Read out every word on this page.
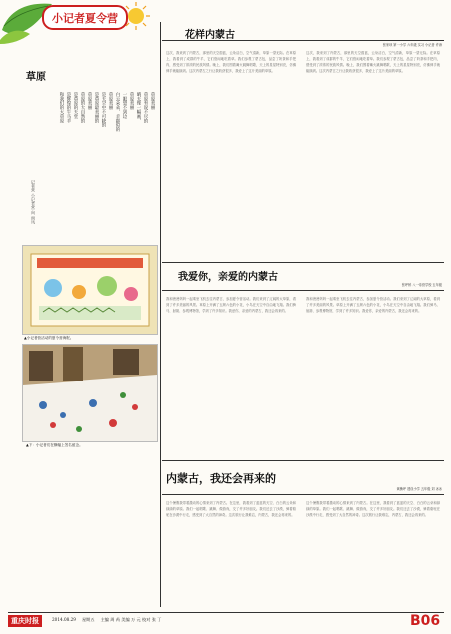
小记者夏令营
草原
草原美丽
草原有说不尽的
晴天像一幅画，
草原美丽
一眼望不到边
白云朵朵，羊群似的
草原美丽
是天空中不可缺的
是草原最美丽的
草原美丽
草原的大自然的
是草原的天堂
是辉煌的牛马羊
和我们的大草原
记者营 小记者营 向 雨凤
▲小记者营活动的夏令营海报。
▲下：小记者们在横幅上签名留念。
花样内蒙古
张家坝 第一小学 六年级 实习 小记者 许涛
这次，我来到了内蒙古，那里的天空蔚蓝，云朵洁白，空气清新，草原一望无际。在草原上，我看到了成群的牛羊，它们悠闲地吃着草。我们参观了蒙古包，品尝了奶茶和手把肉，感受到了浓浓的民族风情。晚上，我们围着篝火跳舞唱歌，天上的星星特别亮，仿佛伸手就能摘到。这次内蒙古之行让我收获很多，我爱上了这片美丽的草原。
这次，我来到了内蒙古，那里的天空蔚蓝，云朵洁白，空气清新，草原一望无际。在草原上，我看到了成群的牛羊，它们悠闲地吃着草。我们参观了蒙古包，品尝了奶茶和手把肉，感受到了浓浓的民族风情。晚上，我们围着篝火跳舞唱歌，天上的星星特别亮，仿佛伸手就能摘到。这次内蒙古之行让我收获很多，我爱上了这片美丽的草原。
我爱你，亲爱的内蒙古
张坪桥 八一帝营学校 五年级
我和爸爸妈妈一起乘坐飞机去往内蒙古，参加夏令营活动。我们来到了辽阔的大草原，看到了许多美丽的风景。草原上开满了五颜六色的小花，小鸟在天空中自由地飞翔。我们骑马、射箭、参观博物馆，学到了许多知识。我爱你，亲爱的内蒙古，我还会再来的。
我和爸爸妈妈一起乘坐飞机去往内蒙古，参加夏令营活动。我们来到了辽阔的大草原，看到了许多美丽的风景。草原上开满了五颜六色的小花，小鸟在天空中自由地飞翔。我们骑马、射箭、参观博物馆，学到了许多知识。我爱你，亲爱的内蒙古，我还会再来的。
内蒙古，我还会再来的
黄桷坪 建设小学 五年级 刘 冰冰
这个暑假我带着激动的心情来到了内蒙古。在这里，我看到了蓝蓝的天空、白白的云朵和绿绿的草原。我们一起唱歌、跳舞、做游戏，交了许多好朋友。我们还去了沙漠，骑着骆驼在沙漠中行走，感受到了大自然的神奇。这次旅行让我难忘，内蒙古，我还会再来的。
这个暑假我带着激动的心情来到了内蒙古。在这里，我看到了蓝蓝的天空、白白的云朵和绿绿的草原。我们一起唱歌、跳舞、做游戏，交了许多好朋友。我们还去了沙漠，骑着骆驼在沙漠中行走，感受到了大自然的神奇。这次旅行让我难忘，内蒙古，我还会再来的。
重庆时报	2014.08.29 星期五 主编 周 芮 美编 万 元 校对 张 丁	B06
